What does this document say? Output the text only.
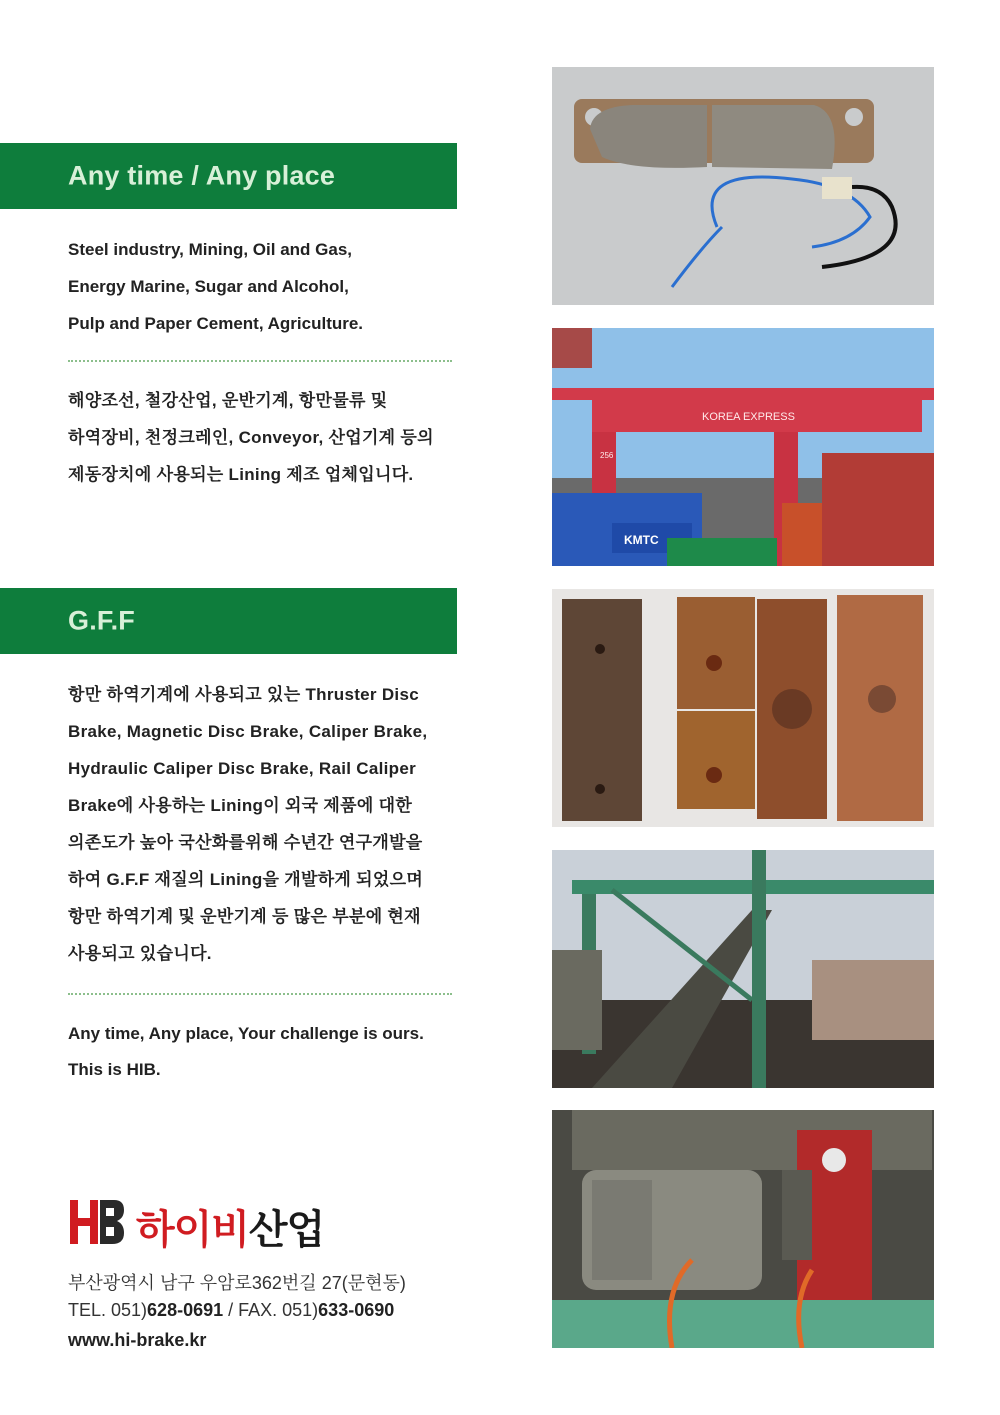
Any time / Any place
Steel industry, Mining, Oil and Gas,
Energy Marine, Sugar and Alcohol,
Pulp and Paper Cement, Agriculture.
해양조선, 철강산업, 운반기계, 항만물류 및
하역장비, 천정크레인, Conveyor, 산업기계 등의
제동장치에 사용되는 Lining 제조 업체입니다.
G.F.F
항만 하역기계에 사용되고 있는 Thruster Disc
Brake, Magnetic Disc Brake, Caliper Brake,
Hydraulic Caliper Disc Brake, Rail Caliper
Brake에 사용하는 Lining이 외국 제품에 대한
의존도가 높아 국산화를위해 수년간 연구개발을
하여 G.F.F 재질의 Lining을 개발하게 되었으며
항만 하역기계 및 운반기계 등 많은 부분에 현재
사용되고 있습니다.
Any time, Any place, Your challenge is ours.
This is HIB.
하이비산업
부산광역시 남구 우암로362번길 27(문현동)
TEL. 051)628-0691 / FAX. 051)633-0690
www.hi-brake.kr
KOREA EXPRESS
256
KMTC
